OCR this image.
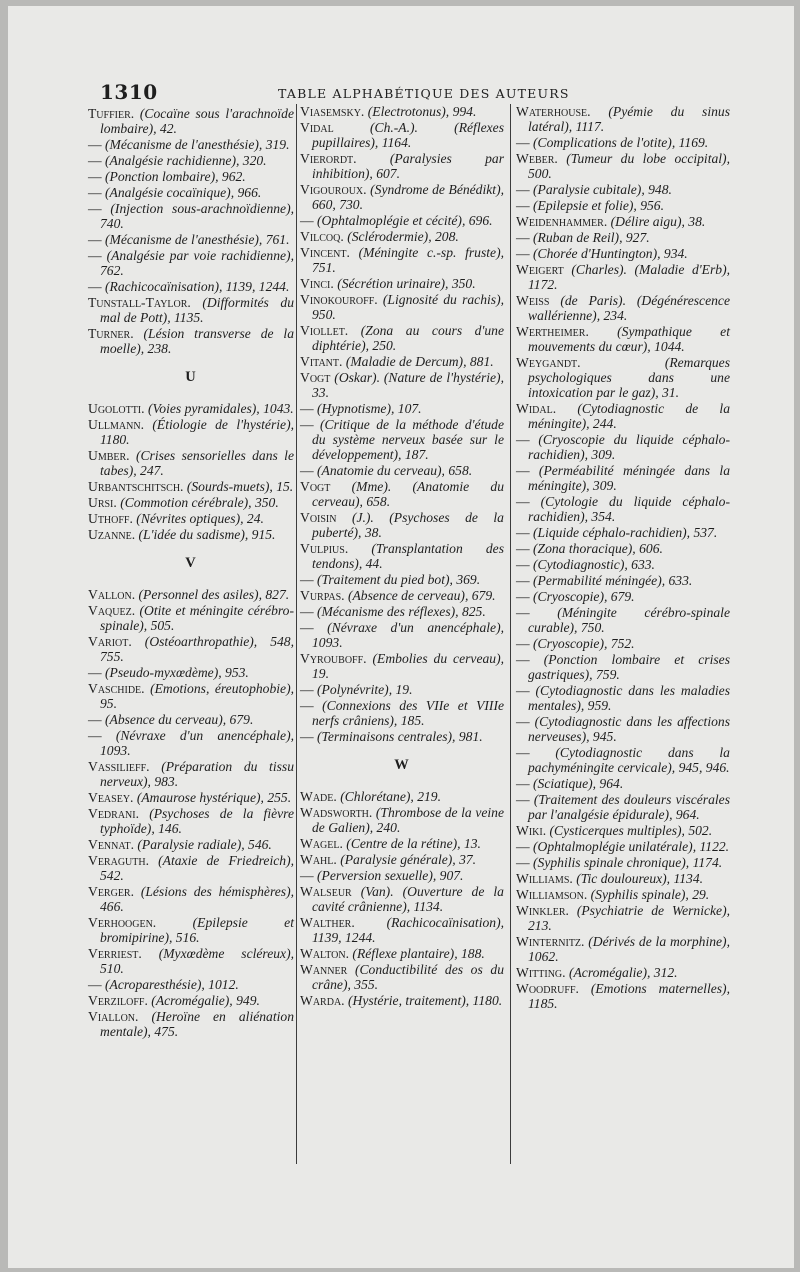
1310	TABLE ALPHABÉTIQUE DES AUTEURS
Tuffier. (Cocaïne sous l'arachnoïde lombaire), 42.
— (Mécanisme de l'anesthésie), 319.
— (Analgésie rachidienne), 320.
— (Ponction lombaire), 962.
— (Analgésie cocaïnique), 966.
— (Injection sous-arachnoïdienne), 740.
— (Mécanisme de l'anesthésie), 761.
— (Analgésie par voie rachidienne), 762.
— (Rachicocaïnisation), 1139, 1244.
Tunstall-Taylor. (Difformités du mal de Pott), 1135.
Turner. (Lésion transverse de la moelle), 238.
U
Ugolotti. (Voies pyramidales), 1043.
Ullmann. (Étiologie de l'hystérie), 1180.
Umber. (Crises sensorielles dans le tabes), 247.
Urbantschitsch. (Sourds-muets), 15.
Ursi. (Commotion cérébrale), 350.
Uthoff. (Névrites optiques), 24.
Uzanne. (L'idée du sadisme), 915.
V
Vallon. (Personnel des asiles), 827.
Vaquez. (Otite et méningite cérébro-spinale), 505.
Variot. (Ostéoarthropathie), 548, 755.
— (Pseudo-myxœdème), 953.
Vaschide. (Emotions, éreutophobie), 95.
— (Absence du cerveau), 679.
— (Névraxe d'un anencéphale), 1093.
Vassilieff. (Préparation du tissu nerveux), 983.
Veasey. (Amaurose hystérique), 255.
Vedrani. (Psychoses de la fièvre typhoïde), 146.
Vennat. (Paralysie radiale), 546.
Veraguth. (Ataxie de Friedreich), 542.
Verger. (Lésions des hémisphères), 466.
Verhoogen.	(Epilepsie et bromipirine), 516.
Verriest. (Myxœdème scléreux), 510.
— (Acroparesthésie), 1012.
Verziloff. (Acromégalie), 949.
Viallon. (Heroïne en aliénation mentale), 475.
Viasemsky. (Electrotonus), 994.
Vidal	(Ch.-A.). (Réflexes pupillaires), 1164.
Vierordt. (Paralysies par inhibition), 607.
Vigouroux. (Syndrome de Bénédikt), 660, 730.
— (Ophtalmoplégie et cécité), 696.
Vilcoq. (Sclérodermie), 208.
Vincent. (Méningite c.-sp. fruste), 751.
Vinci. (Sécrétion urinaire), 350.
Vinokouroff. (Lignosité du rachis), 950.
Viollet. (Zona au cours d'une diphtérie), 250.
Vitant. (Maladie de Dercum), 881.
Vogt (Oskar). (Nature de l'hystérie), 33.
— (Hypnotisme), 107.
— (Critique de la méthode d'étude du système nerveux basée sur le développement), 187.
— (Anatomie du cerveau), 658.
Vogt (Mme). (Anatomie du cerveau), 658.
Voisin (J.). (Psychoses de la puberté), 38.
Vulpius. (Transplantation des tendons), 44.
— (Traitement du pied bot), 369.
Vurpas. (Absence de cerveau), 679.
— (Mécanisme des réflexes), 825.
— (Névraxe d'un anencéphale), 1093.
Vyrouboff. (Embolies du cerveau), 19.
— (Polynévrite), 19.
— (Connexions des VIIe et VIIIe nerfs crâniens), 185.
— (Terminaisons centrales), 981.
W
Wade. (Chlorétane), 219.
Wadsworth. (Thrombose de la veine de Galien), 240.
Wagel. (Centre de la rétine), 13.
Wahl. (Paralysie générale), 37.
— (Perversion sexuelle), 907.
Walseur (Van). (Ouverture de la cavité crânienne), 1134.
Walther. (Rachicocaïnisation), 1139, 1244.
Walton. (Réflexe plantaire), 188.
Wanner (Conductibilité des os du crâne), 355.
Warda. (Hystérie, traitement), 1180.
Waterhouse. (Pyémie du sinus latéral), 1117.
— (Complications de l'otite), 1169.
Weber. (Tumeur du lobe occipital), 500.
— (Paralysie cubitale), 948.
— (Epilepsie et folie), 956.
Weidenhammer. (Délire aigu), 38.
— (Ruban de Reil), 927.
— (Chorée d'Huntington), 934.
Weigert (Charles). (Maladie d'Erb), 1172.
Weiss (de Paris). (Dégénérescence wallérienne), 234.
Wertheimer. (Sympathique et mouvements du cœur), 1044.
Weygandt.	(Remarques psychologiques dans une intoxication par le gaz), 31.
Widal. (Cytodiagnostic de la méningite), 244.
— (Cryoscopie du liquide céphalo-rachidien), 309.
— (Perméabilité méningée dans la méningite), 309.
— (Cytologie du liquide céphalo-rachidien), 354.
— (Liquide céphalo-rachidien), 537.
— (Zona thoracique), 606.
— (Cytodiagnostic), 633.
— (Permabilité méningée), 633.
— (Cryoscopie), 679.
— (Méningite cérébro-spinale curable), 750.
— (Cryoscopie), 752.
— (Ponction lombaire et crises gastriques), 759.
— (Cytodiagnostic dans les maladies mentales), 959.
— (Cytodiagnostic dans les affections nerveuses), 945.
— (Cytodiagnostic dans la pachyméningite cervicale), 945, 946.
— (Sciatique), 964.
— (Traitement des douleurs viscérales par l'analgésie épidurale), 964.
Wiki. (Cysticerques multiples), 502.
— (Ophtalmoplégie unilatérale), 1122.
— (Syphilis spinale chronique), 1174.
Williams. (Tic douloureux), 1134.
Williamson. (Syphilis spinale), 29.
Winkler. (Psychiatrie de Wernicke), 213.
Winternitz. (Dérivés de la morphine), 1062.
Witting. (Acromégalie), 312.
Woodruff. (Emotions maternelles), 1185.
